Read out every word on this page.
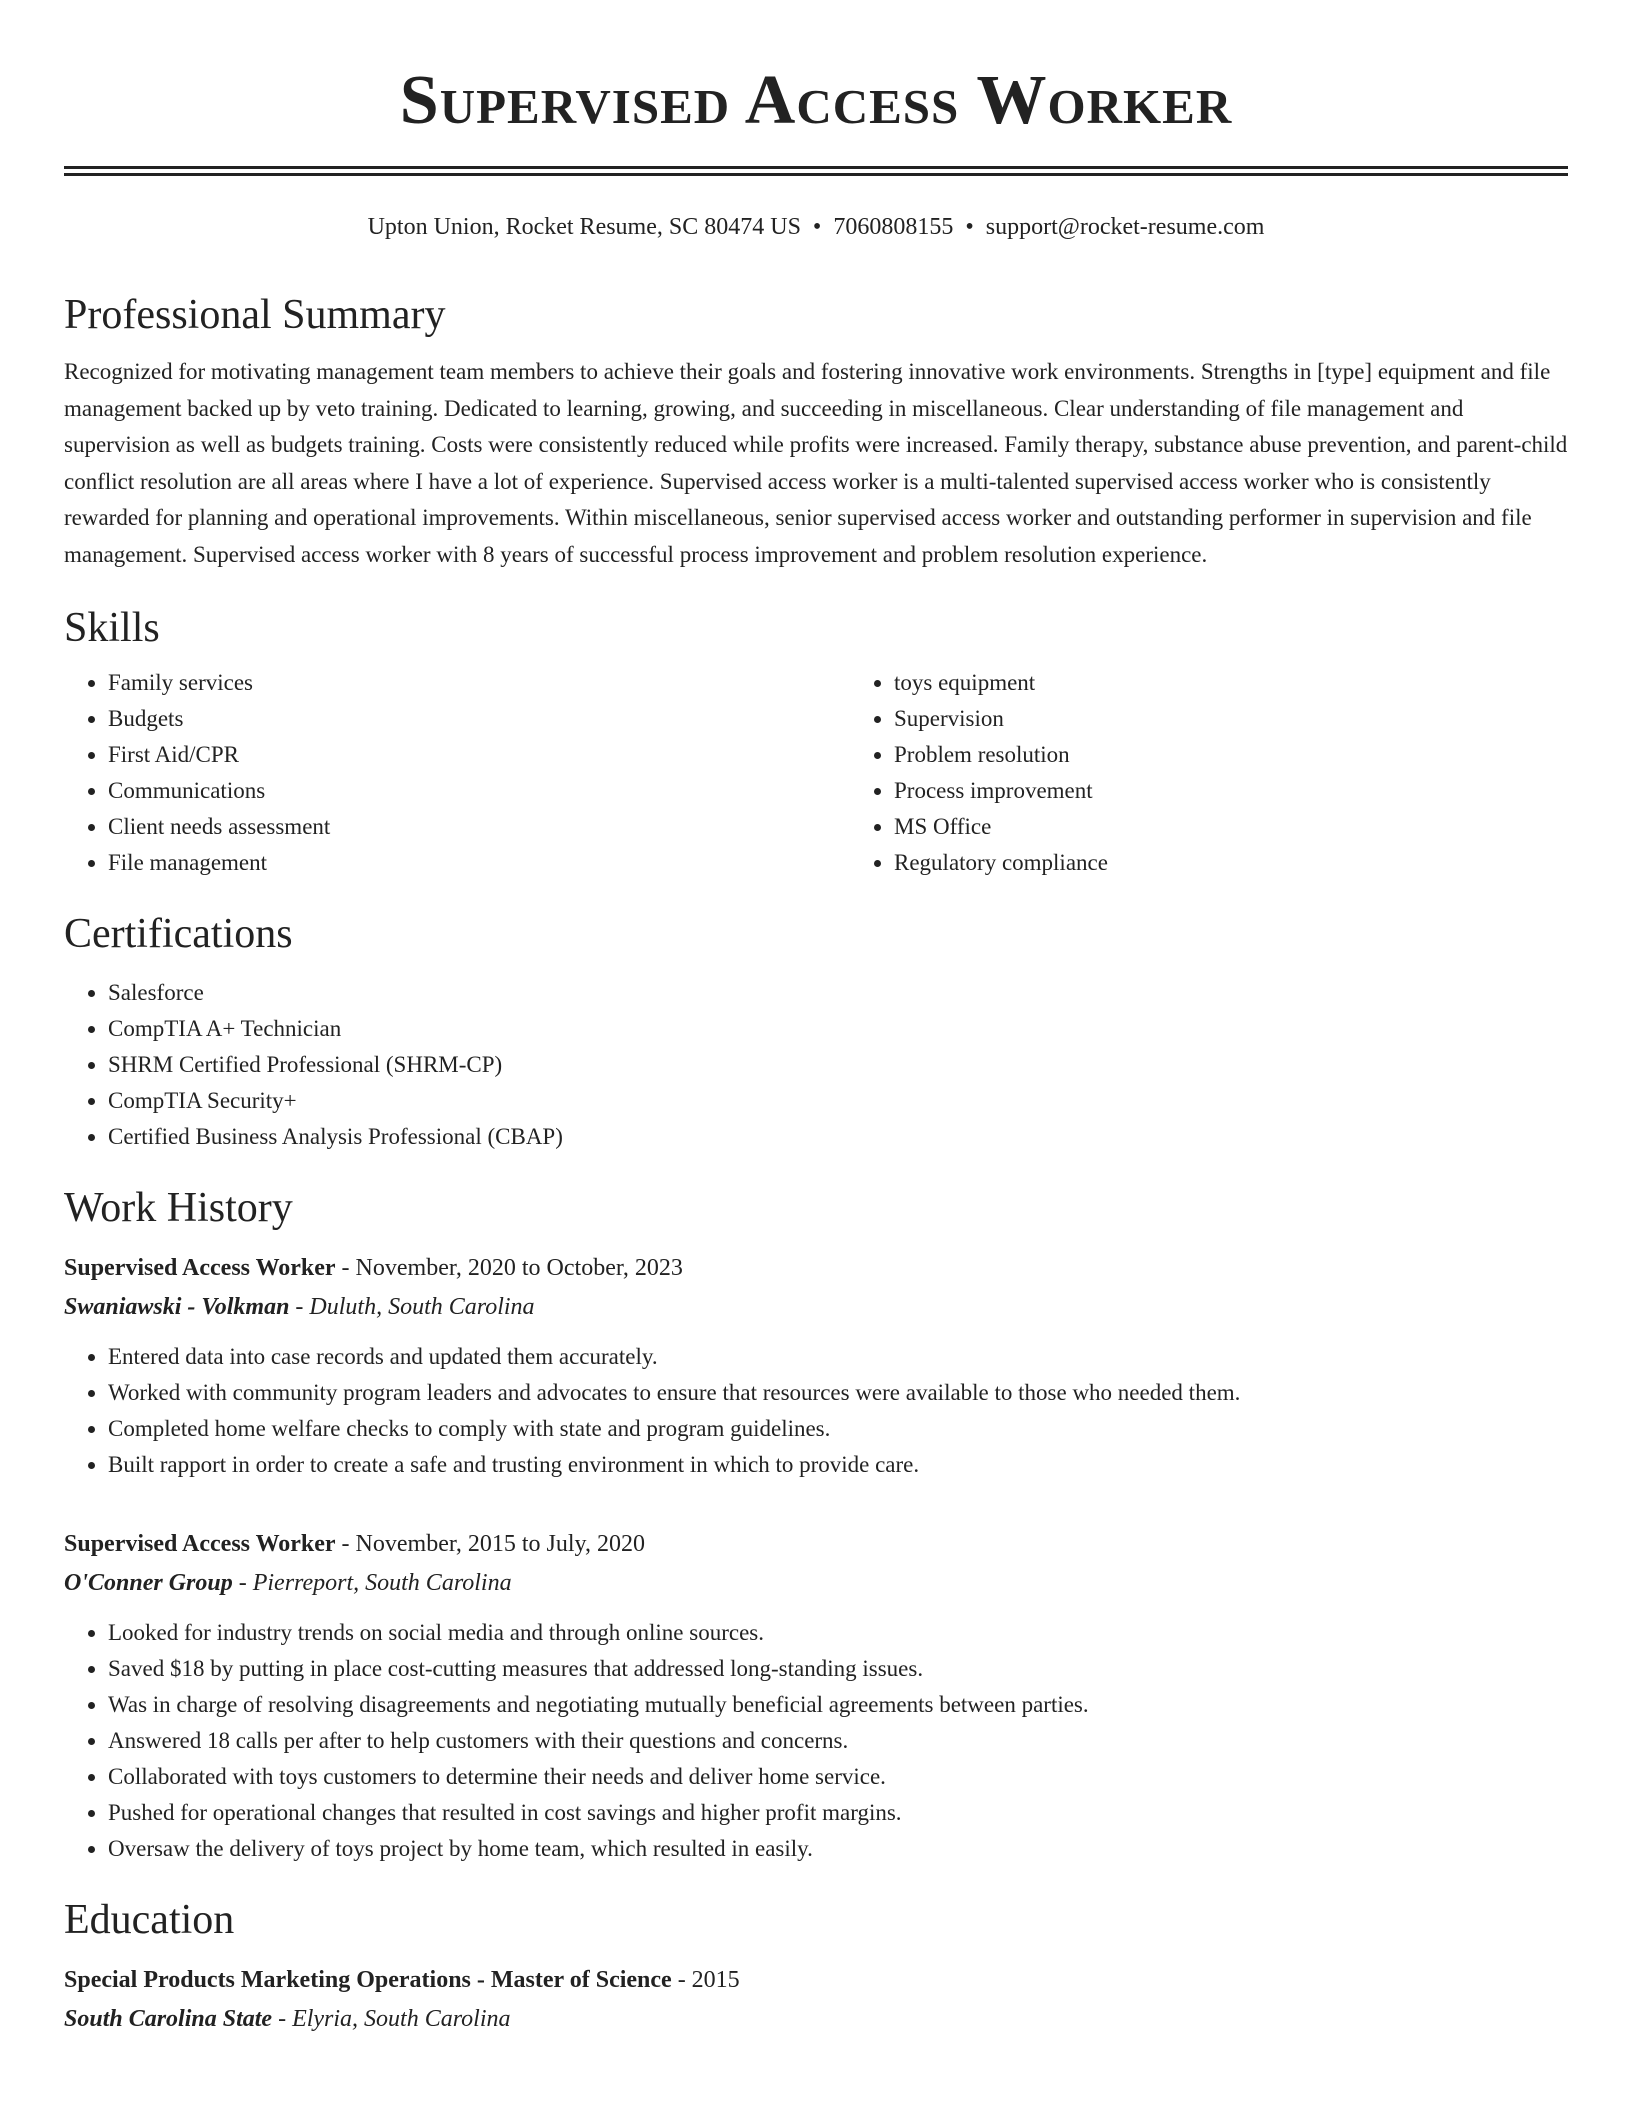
Supervised Access Worker
Upton Union, Rocket Resume, SC 80474 US • 7060808155 • support@rocket-resume.com
Professional Summary
Recognized for motivating management team members to achieve their goals and fostering innovative work environments. Strengths in [type] equipment and file management backed up by veto training. Dedicated to learning, growing, and succeeding in miscellaneous. Clear understanding of file management and supervision as well as budgets training. Costs were consistently reduced while profits were increased. Family therapy, substance abuse prevention, and parent-child conflict resolution are all areas where I have a lot of experience. Supervised access worker is a multi-talented supervised access worker who is consistently rewarded for planning and operational improvements. Within miscellaneous, senior supervised access worker and outstanding performer in supervision and file management. Supervised access worker with 8 years of successful process improvement and problem resolution experience.
Skills
• Family services
• Budgets
• First Aid/CPR
• Communications
• Client needs assessment
• File management
• toys equipment
• Supervision
• Problem resolution
• Process improvement
• MS Office
• Regulatory compliance
Certifications
• Salesforce
• CompTIA A+ Technician
• SHRM Certified Professional (SHRM-CP)
• CompTIA Security+
• Certified Business Analysis Professional (CBAP)
Work History
Supervised Access Worker - November, 2020 to October, 2023
Swaniawski - Volkman - Duluth, South Carolina
• Entered data into case records and updated them accurately.
• Worked with community program leaders and advocates to ensure that resources were available to those who needed them.
• Completed home welfare checks to comply with state and program guidelines.
• Built rapport in order to create a safe and trusting environment in which to provide care.
Supervised Access Worker - November, 2015 to July, 2020
O'Conner Group - Pierreport, South Carolina
• Looked for industry trends on social media and through online sources.
• Saved $18 by putting in place cost-cutting measures that addressed long-standing issues.
• Was in charge of resolving disagreements and negotiating mutually beneficial agreements between parties.
• Answered 18 calls per after to help customers with their questions and concerns.
• Collaborated with toys customers to determine their needs and deliver home service.
• Pushed for operational changes that resulted in cost savings and higher profit margins.
• Oversaw the delivery of toys project by home team, which resulted in easily.
Education
Special Products Marketing Operations - Master of Science - 2015
South Carolina State - Elyria, South Carolina
